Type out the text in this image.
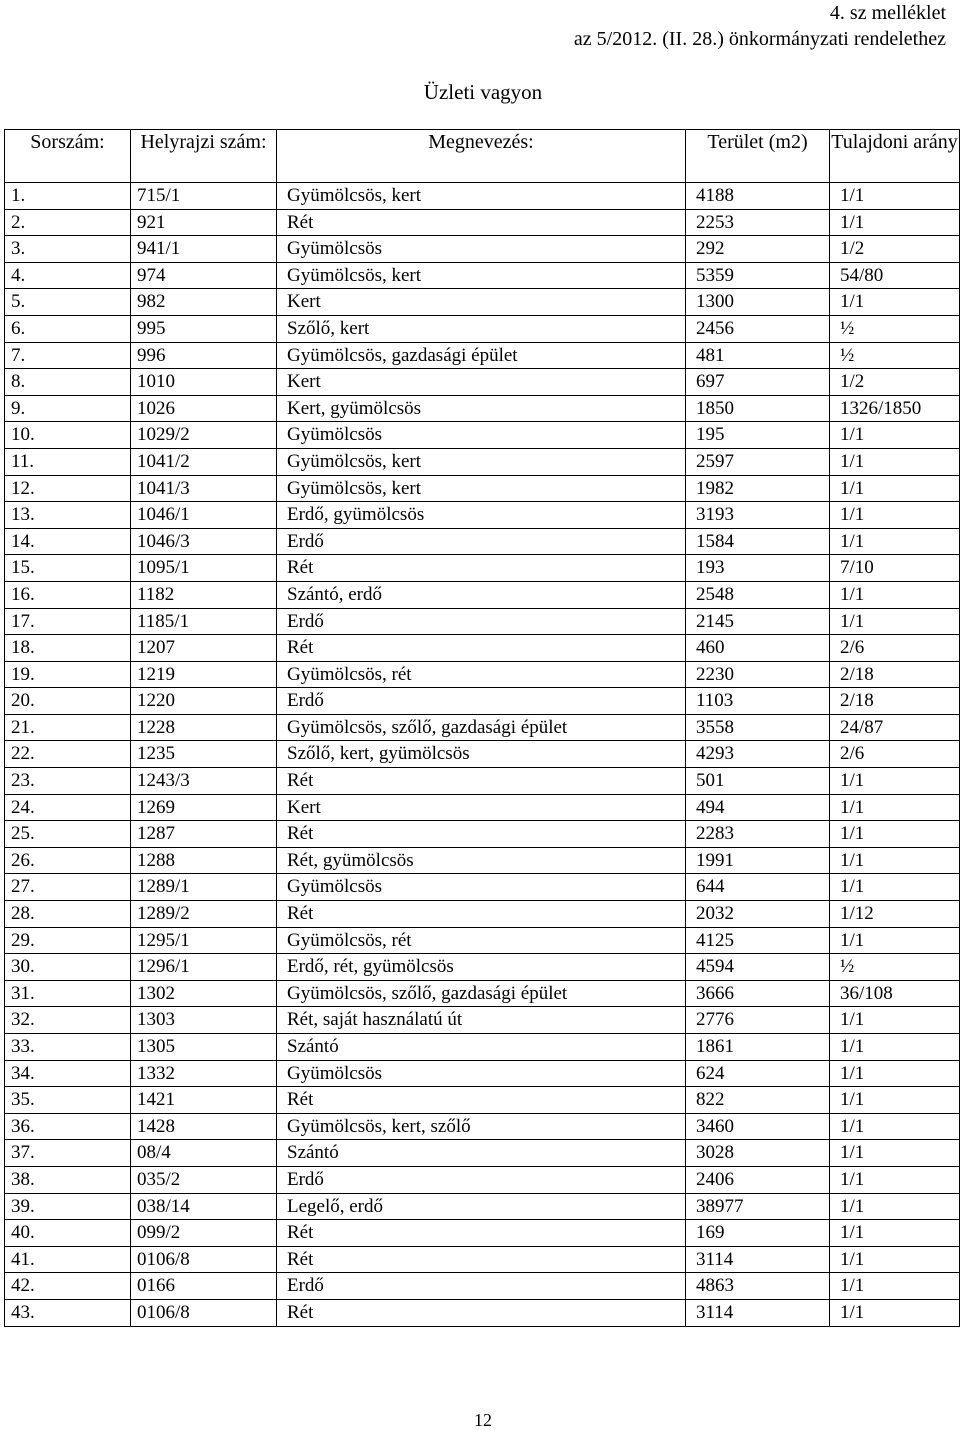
4. sz melléklet
az 5/2012. (II. 28.) önkormányzati rendelethez
Üzleti vagyon
Sorszám:	Helyrajzi szám:	Megnevezés:	Terület (m2)	Tulajdoni arány
1.	715/1	Gyümölcsös, kert	4188	1/1
2.	921	Rét	2253	1/1
3.	941/1	Gyümölcsös	292	1/2
4.	974	Gyümölcsös, kert	5359	54/80
5.	982	Kert	1300	1/1
6.	995	Szőlő, kert	2456	½
7.	996	Gyümölcsös, gazdasági épület	481	½
8.	1010	Kert	697	1/2
9.	1026	Kert, gyümölcsös	1850	1326/1850
10.	1029/2	Gyümölcsös	195	1/1
11.	1041/2	Gyümölcsös, kert	2597	1/1
12.	1041/3	Gyümölcsös, kert	1982	1/1
13.	1046/1	Erdő, gyümölcsös	3193	1/1
14.	1046/3	Erdő	1584	1/1
15.	1095/1	Rét	193	7/10
16.	1182	Szántó, erdő	2548	1/1
17.	1185/1	Erdő	2145	1/1
18.	1207	Rét	460	2/6
19.	1219	Gyümölcsös, rét	2230	2/18
20.	1220	Erdő	1103	2/18
21.	1228	Gyümölcsös, szőlő, gazdasági épület	3558	24/87
22.	1235	Szőlő, kert, gyümölcsös	4293	2/6
23.	1243/3	Rét	501	1/1
24.	1269	Kert	494	1/1
25.	1287	Rét	2283	1/1
26.	1288	Rét, gyümölcsös	1991	1/1
27.	1289/1	Gyümölcsös	644	1/1
28.	1289/2	Rét	2032	1/12
29.	1295/1	Gyümölcsös, rét	4125	1/1
30.	1296/1	Erdő, rét, gyümölcsös	4594	½
31.	1302	Gyümölcsös, szőlő, gazdasági épület	3666	36/108
32.	1303	Rét, saját használatú út	2776	1/1
33.	1305	Szántó	1861	1/1
34.	1332	Gyümölcsös	624	1/1
35.	1421	Rét	822	1/1
36.	1428	Gyümölcsös, kert, szőlő	3460	1/1
37.	08/4	Szántó	3028	1/1
38.	035/2	Erdő	2406	1/1
39.	038/14	Legelő, erdő	38977	1/1
40.	099/2	Rét	169	1/1
41.	0106/8	Rét	3114	1/1
42.	0166	Erdő	4863	1/1
43.	0106/8	Rét	3114	1/1
12
